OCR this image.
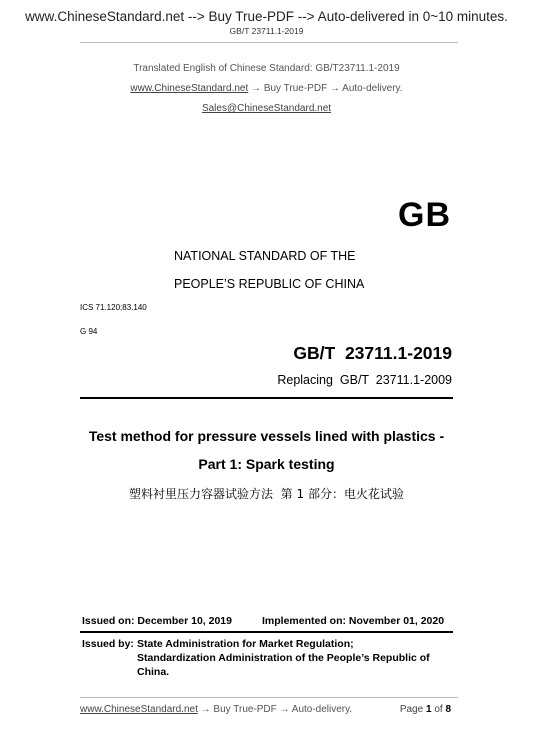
www.ChineseStandard.net --> Buy True-PDF --> Auto-delivered in 0~10 minutes.
GB/T 23711.1-2019
Translated English of Chinese Standard: GB/T23711.1-2019
www.ChineseStandard.net → Buy True-PDF → Auto-delivery.
Sales@ChineseStandard.net
GB
NATIONAL STANDARD OF THE
PEOPLE’S REPUBLIC OF CHINA
ICS 71.120;83.140
G 94
GB/T  23711.1-2019
Replacing  GB/T  23711.1-2009
Test method for pressure vessels lined with plastics -
Part 1: Spark testing
塑料衬里压力容器试验方法  第 1 部分：电火花试验
Issued on: December 10, 2019	Implemented on: November 01, 2020
Issued by: State Administration for Market Regulation;
Standardization Administration of the People’s Republic of
China.
www.ChineseStandard.net → Buy True-PDF → Auto-delivery.	Page 1 of 8
